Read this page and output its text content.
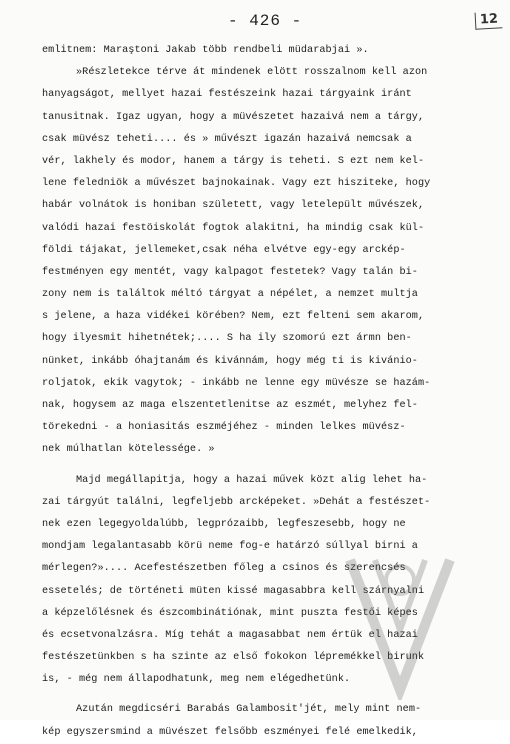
- 426 -	12
emlitnem: Maraştoni Jakab több rendbeli müdarabjai ».
»Részletekce térve át mindenek elött rosszalnom kell azon
hanyagságot, mellyet hazai festészeink hazai tárgyaink iránt
tanusitnak. Igaz ugyan, hogy a müvészetet hazaivá nem a tárgy,
csak müvész teheti.... és » művészt igazán hazaivá nemcsak a
vér, lakhely és modor, hanem a tárgy is teheti. S ezt nem kel-
lene feledniök a művészet bajnokainak. Vagy ezt hisziteke, hogy
habár volnátok is honiban született, vagy letelepült művészek,
valódi hazai festöiskolát fogtok alakitni, ha mindig csak kül-
földi tájakat, jellemeket,csak néha elvétve egy-egy arckép-
festményen egy mentét, vagy kalpagot festetek? Vagy talán bi-
zony nem is találtok méltó tárgyat a népélet, a nemzet multja
s jelene, a haza vidékei körében? Nem, ezt felteni sem akarom,
hogy ilyesmit hihetnétek;.... S ha ily szomorú ezt ármn ben-
nünket, inkább óhajtanám és kivánnám, hogy még ti is kivánio-
roljatok, ekik vagytok; - inkább ne lenne egy müvésze se hazám-
nak, hogysem az maga elszentetlenitse az eszmét, melyhez fel-
törekedni - a honiasitás eszméjéhez - minden lelkes müvész-
nek múlhatlan kötelessége. »
Majd megállapitja, hogy a hazai művek közt alig lehet ha-
zai tárgyút találni, legfeljebb arcképeket. »Dehát a festészet-
nek ezen legegyoldalúbb, legprózaibb, legfeszesebb, hogy ne
mondjam legalantasabb körü neme fog-e határzó súllyal birni a
mérlegen?».... Acefestészetben főleg a csinos és szerencsés
essetelés; de történeti müten kissé magasabbra kell szárnyalni
a képzelőlésnek és észcombinátiónak, mint puszta festői képes
és ecsetvonalzásra. Míg tehát a magasabbat nem értük el hazai
festészetünkben s ha szinte az első fokokon lépremékkel birunk
is, - még nem állapodhatunk, meg nem elégedhetünk.
Azután megdicséri Barabás Galambosit'jét, mely mint nem-
kép egyszersmind a müvészet felsőbb eszményei felé emelkedik,
